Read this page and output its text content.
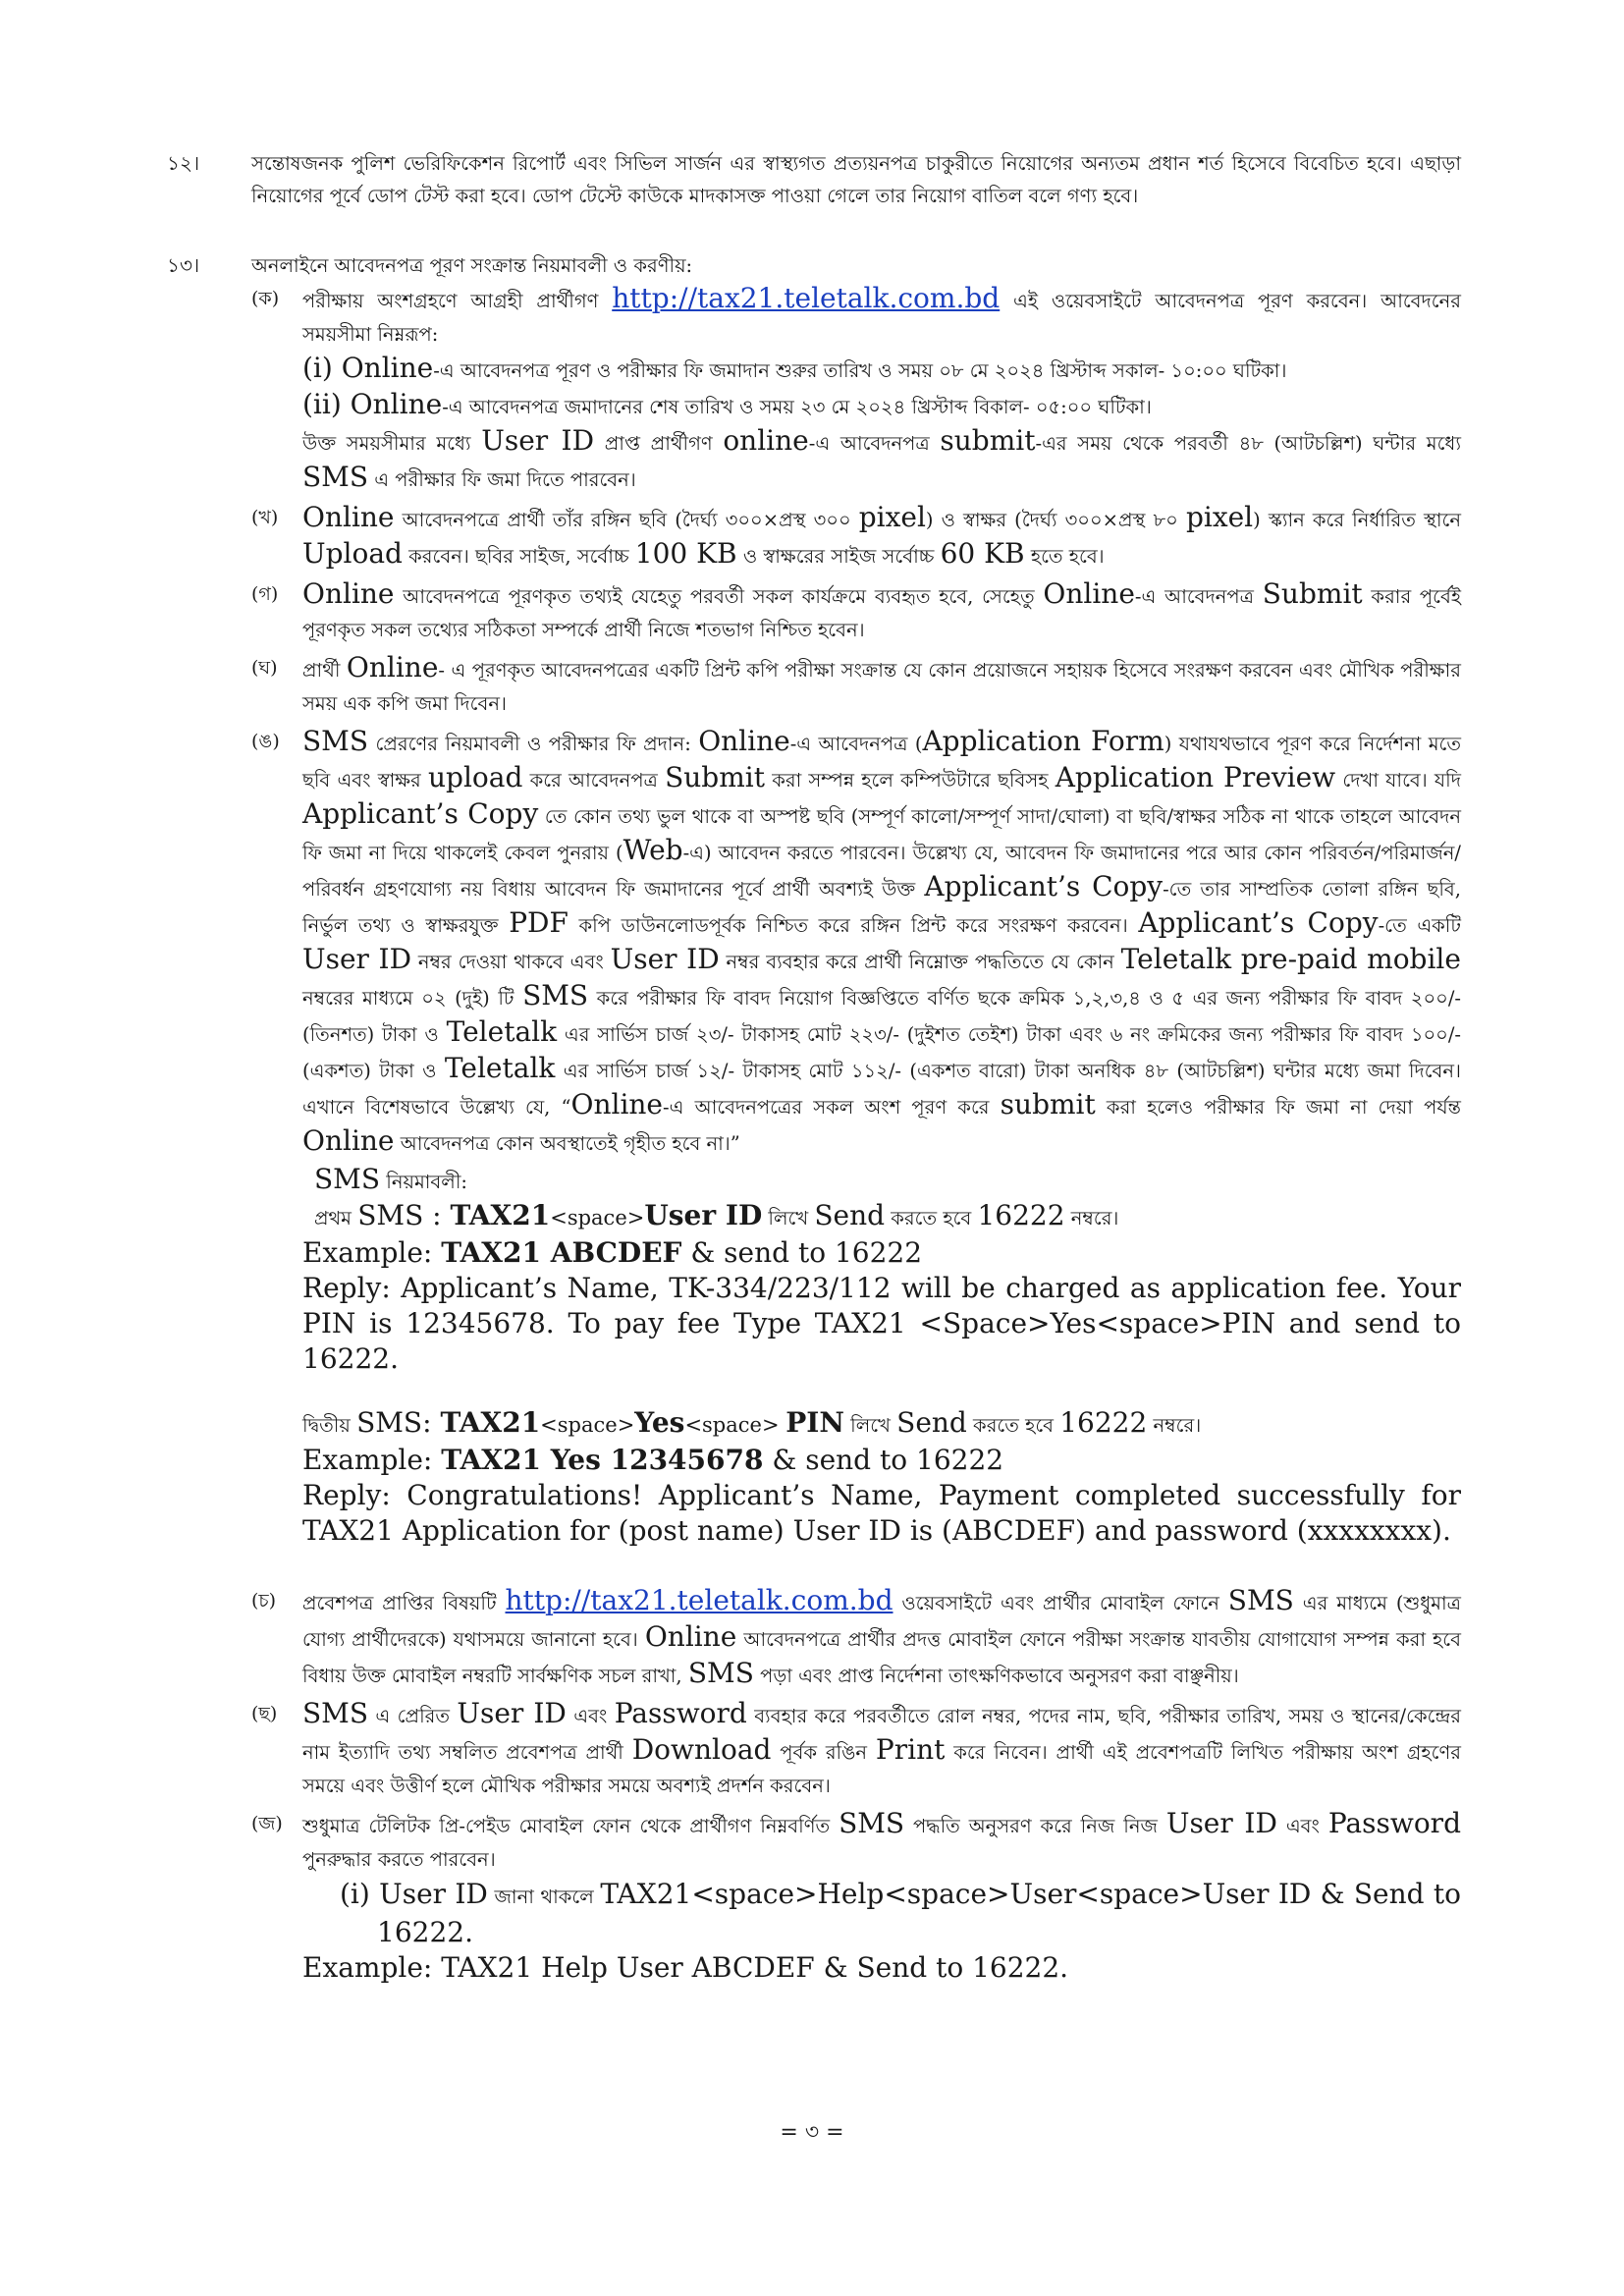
১২।	সন্তোষজনক পুলিশ ভেরিফিকেশন রিপোর্ট এবং সিভিল সার্জন এর স্বাস্থ্যগত প্রত্যয়নপত্র চাকুরীতে নিয়োগের অন্যতম প্রধান শর্ত হিসেবে বিবেচিত হবে। এছাড়া নিয়োগের পূর্বে ডোপ টেস্ট করা হবে। ডোপ টেস্টে কাউকে মাদকাসক্ত পাওয়া গেলে তার নিয়োগ বাতিল বলে গণ্য হবে।
১৩।	অনলাইনে আবেদনপত্র পূরণ সংক্রান্ত নিয়মাবলী ও করণীয়:
(ক) পরীক্ষায় অংশগ্রহণে আগ্রহী প্রার্থীগণ http://tax21.teletalk.com.bd এই ওয়েবসাইটে আবেদনপত্র পূরণ করবেন। আবেদনের সময়সীমা নিম্নরূপ:
(i) Online-এ আবেদনপত্র পূরণ ও পরীক্ষার ফি জমাদান শুরুর তারিখ ও সময় ০৮ মে ২০২৪ খ্রিস্টাব্দ সকাল- ১০:০০ ঘটিকা।
(ii) Online-এ আবেদনপত্র জমাদানের শেষ তারিখ ও সময় ২৩ মে ২০২৪ খ্রিস্টাব্দ বিকাল- ০৫:০০ ঘটিকা।
উক্ত সময়সীমার মধ্যে User ID প্রাপ্ত প্রার্থীগণ online-এ আবেদনপত্র submit-এর সময় থেকে পরবর্তী ৪৮ (আটচল্লিশ) ঘন্টার মধ্যে SMS এ পরীক্ষার ফি জমা দিতে পারবেন।
(খ) Online আবেদনপত্রে প্রার্থী তাঁর রঙ্গিন ছবি (দৈর্ঘ্য ৩০০×প্রস্থ ৩০০ pixel) ও স্বাক্ষর (দৈর্ঘ্য ৩০০×প্রস্থ ৮০ pixel) স্ক্যান করে নির্ধারিত স্থানে Upload করবেন। ছবির সাইজ, সর্বোচ্চ 100 KB ও স্বাক্ষরের সাইজ সর্বোচ্চ 60 KB হতে হবে।
(গ) Online আবেদনপত্রে পূরণকৃত তথ্যই যেহেতু পরবর্তী সকল কার্যক্রমে ব্যবহৃত হবে, সেহেতু Online-এ আবেদনপত্র Submit করার পূর্বেই পূরণকৃত সকল তথ্যের সঠিকতা সম্পর্কে প্রার্থী নিজে শতভাগ নিশ্চিত হবেন।
(ঘ) প্রার্থী Online- এ পূরণকৃত আবেদনপত্রের একটি প্রিন্ট কপি পরীক্ষা সংক্রান্ত যে কোন প্রয়োজনে সহায়ক হিসেবে সংরক্ষণ করবেন এবং মৌখিক পরীক্ষার সময় এক কপি জমা দিবেন।
(ঙ) SMS প্রেরণের নিয়মাবলী ও পরীক্ষার ফি প্রদান: Online-এ আবেদনপত্র (Application Form) যথাযথভাবে পূরণ করে নির্দেশনা মতে ছবি এবং স্বাক্ষর upload করে আবেদনপত্র Submit করা সম্পন্ন হলে কম্পিউটারে ছবিসহ Application Preview দেখা যাবে। যদি Applicant’s Copy তে কোন তথ্য ভুল থাকে বা অস্পষ্ট ছবি (সম্পূর্ণ কালো/সম্পূর্ণ সাদা/ঘোলা) বা ছবি/স্বাক্ষর সঠিক না থাকে তাহলে আবেদন ফি জমা না দিয়ে থাকলেই কেবল পুনরায় (Web-এ) আবেদন করতে পারবেন। উল্লেখ্য যে, আবেদন ফি জমাদানের পরে আর কোন পরিবর্তন/পরিমার্জন/পরিবর্ধন গ্রহণযোগ্য নয় বিধায় আবেদন ফি জমাদানের পূর্বে প্রার্থী অবশ্যই উক্ত Applicant’s Copy-তে তার সাম্প্রতিক তোলা রঙ্গিন ছবি, নির্ভুল তথ্য ও স্বাক্ষরযুক্ত PDF কপি ডাউনলোডপূর্বক নিশ্চিত করে রঙ্গিন প্রিন্ট করে সংরক্ষণ করবেন। Applicant’s Copy-তে একটি User ID নম্বর দেওয়া থাকবে এবং User ID নম্বর ব্যবহার করে প্রার্থী নিম্নোক্ত পদ্ধতিতে যে কোন Teletalk pre-paid mobile নম্বরের মাধ্যমে ০২ (দুই) টি SMS করে পরীক্ষার ফি বাবদ নিয়োগ বিজ্ঞপ্তিতে বর্ণিত ছকে ক্রমিক ১,২,৩,৪ ও ৫ এর জন্য পরীক্ষার ফি বাবদ ২০০/- (তিনশত) টাকা ও Teletalk এর সার্ভিস চার্জ ২৩/- টাকাসহ মোট ২২৩/- (দুইশত তেইশ) টাকা এবং ৬ নং ক্রমিকের জন্য পরীক্ষার ফি বাবদ ১০০/- (একশত) টাকা ও Teletalk এর সার্ভিস চার্জ ১২/- টাকাসহ মোট ১১২/- (একশত বারো) টাকা অনধিক ৪৮ (আটচল্লিশ) ঘন্টার মধ্যে জমা দিবেন। এখানে বিশেষভাবে উল্লেখ্য যে, “Online-এ আবেদনপত্রের সকল অংশ পূরণ করে submit করা হলেও পরীক্ষার ফি জমা না দেয়া পর্যন্ত Online আবেদনপত্র কোন অবস্থাতেই গৃহীত হবে না।”
SMS নিয়মাবলী:
প্রথম SMS : TAX21<space>User ID লিখে Send করতে হবে 16222 নম্বরে।
Example: TAX21 ABCDEF & send to 16222
Reply: Applicant’s Name, TK-334/223/112 will be charged as application fee. Your PIN is 12345678. To pay fee Type TAX21 <Space>Yes<space>PIN and send to 16222.
দ্বিতীয় SMS: TAX21<space>Yes<space> PIN লিখে Send করতে হবে 16222 নম্বরে।
Example: TAX21 Yes 12345678 & send to 16222
Reply: Congratulations! Applicant’s Name, Payment completed successfully for TAX21 Application for (post name) User ID is (ABCDEF) and password (xxxxxxxx).
(চ) প্রবেশপত্র প্রাপ্তির বিষয়টি http://tax21.teletalk.com.bd ওয়েবসাইটে এবং প্রার্থীর মোবাইল ফোনে SMS এর মাধ্যমে (শুধুমাত্র যোগ্য প্রার্থীদেরকে) যথাসময়ে জানানো হবে। Online আবেদনপত্রে প্রার্থীর প্রদত্ত মোবাইল ফোনে পরীক্ষা সংক্রান্ত যাবতীয় যোগাযোগ সম্পন্ন করা হবে বিধায় উক্ত মোবাইল নম্বরটি সার্বক্ষণিক সচল রাখা, SMS পড়া এবং প্রাপ্ত নির্দেশনা তাৎক্ষণিকভাবে অনুসরণ করা বাঞ্ছনীয়।
(ছ) SMS এ প্রেরিত User ID এবং Password ব্যবহার করে পরবর্তীতে রোল নম্বর, পদের নাম, ছবি, পরীক্ষার তারিখ, সময় ও স্থানের/কেন্দ্রের নাম ইত্যাদি তথ্য সম্বলিত প্রবেশপত্র প্রার্থী Download পূর্বক রঙিন Print করে নিবেন। প্রার্থী এই প্রবেশপত্রটি লিখিত পরীক্ষায় অংশ গ্রহণের সময়ে এবং উত্তীর্ণ হলে মৌখিক পরীক্ষার সময়ে অবশ্যই প্রদর্শন করবেন।
(জ) শুধুমাত্র টেলিটক প্রি-পেইড মোবাইল ফোন থেকে প্রার্থীগণ নিম্নবর্ণিত SMS পদ্ধতি অনুসরণ করে নিজ নিজ User ID এবং Password পুনরুদ্ধার করতে পারবেন।
(i) User ID জানা থাকলে TAX21<space>Help<space>User<space>User ID & Send to 16222.
Example: TAX21 Help User ABCDEF & Send to 16222.
= ৩ =
